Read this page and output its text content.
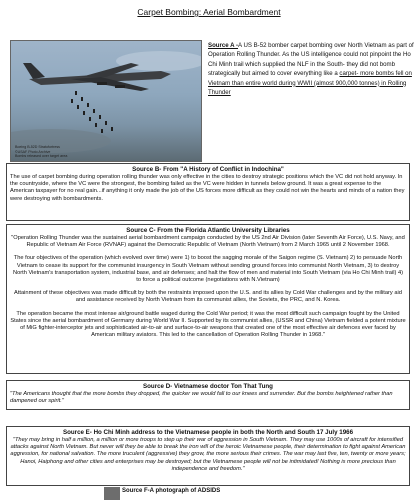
Carpet Bombing: Aerial Bombardment
Boeing B-52D Stratofortress
©USAF Photo Archive
Bombs released over target area
Source A -A US B-52 bomber carpet bombing over North Vietnam as part of Operation Rolling Thunder. As the US intelligence could not pinpoint the Ho Chi Minh trail which supplied the NLF in the South- they did not bomb strategically but aimed to cover everything like a carpet- more bombs fell on Vietnam than entire world during WWII (almost 900,000 tonnes) in Rolling Thunder
Source B- From "A History of Conflict in Indochina"
The use of carpet bombing during operation rolling thunder was only effective in the cities to destroy strategic positions which the VC did not hold anyway. In the countryside, where the VC were the strongest, the bombing failed as the VC were hidden in tunnels below ground. It was a great expense to the American taxpayer for no real gain...if anything it only made the job of the US forces more difficult as they could not win the hearts and minds of a nation they were destroying with bombardments.
Source C- From the Florida Atlantic University Libraries
"Operation Rolling Thunder was the sustained aerial bombardment campaign conducted by the US 2nd Air Division (later Seventh Air Force), U.S. Navy, and Republic of Vietnam Air Force (RVNAF) against the Democratic Republic of Vietnam (North Vietnam) from 2 March 1965 until 2 November 1968.
The four objectives of the operation (which evolved over time) were 1) to boost the sagging morale of the Saigon regime (S. Vietnam) 2) to persuade North Vietnam to cease its support for the communist insurgency in South Vietnam without sending ground forces into communist North Vietnam, 3) to destroy North Vietnam's transportation system, industrial base, and air defenses; and halt the flow of men and material into South Vietnam (via Ho Chi Minh trail) 4) to force a political outcome (negotiations with N.Vietnam)
Attainment of these objectives was made difficult by both the restraints imposed upon the U.S. and its allies by Cold War challenges and by the military aid and assistance received by North Vietnam from its communist allies, the Soviets, the PRC, and N. Korea.
The operation became the most intense air/ground battle waged during the Cold War period; it was the most difficult such campaign fought by the United States since the aerial bombardment of Germany during World War II. Supported by its communist allies, (USSR and China) Vietnam fielded a potent mixture of MiG fighter-interceptor jets and sophisticated air-to-air and surface-to-air weapons that created one of the most effective air defences ever faced by American military aviators. This led to the cancellation of Operation Rolling Thunder in 1968."
Source D- Vietnamese doctor Ton That Tung
"The Americans thought that the more bombs they dropped, the quicker we would fall to our knees and surrender. But the bombs heightened rather than dampened our spirit."
Source E- Ho Chi Minh address to the Vietnamese people in both the North and South 17 July 1966
"They may bring in half a million, a million or more troops to step up their war of aggression in South Vietnam. They may use 1000s of aircraft for intensified attacks against North Vietnam. But never will they be able to break the iron will of the heroic Vietnamese people, their determination to fight against American aggression, for national salvation. The more truculent (aggressive) they grow, the more serious their crimes. The war may last five, ten, twenty or more years; Hanoi, Haiphong and other cities and enterprises may be destroyed; but the Vietnamese people will not be intimidated! Nothing is more precious than independence and freedom."
Source F-A photograph of ADSIDS
